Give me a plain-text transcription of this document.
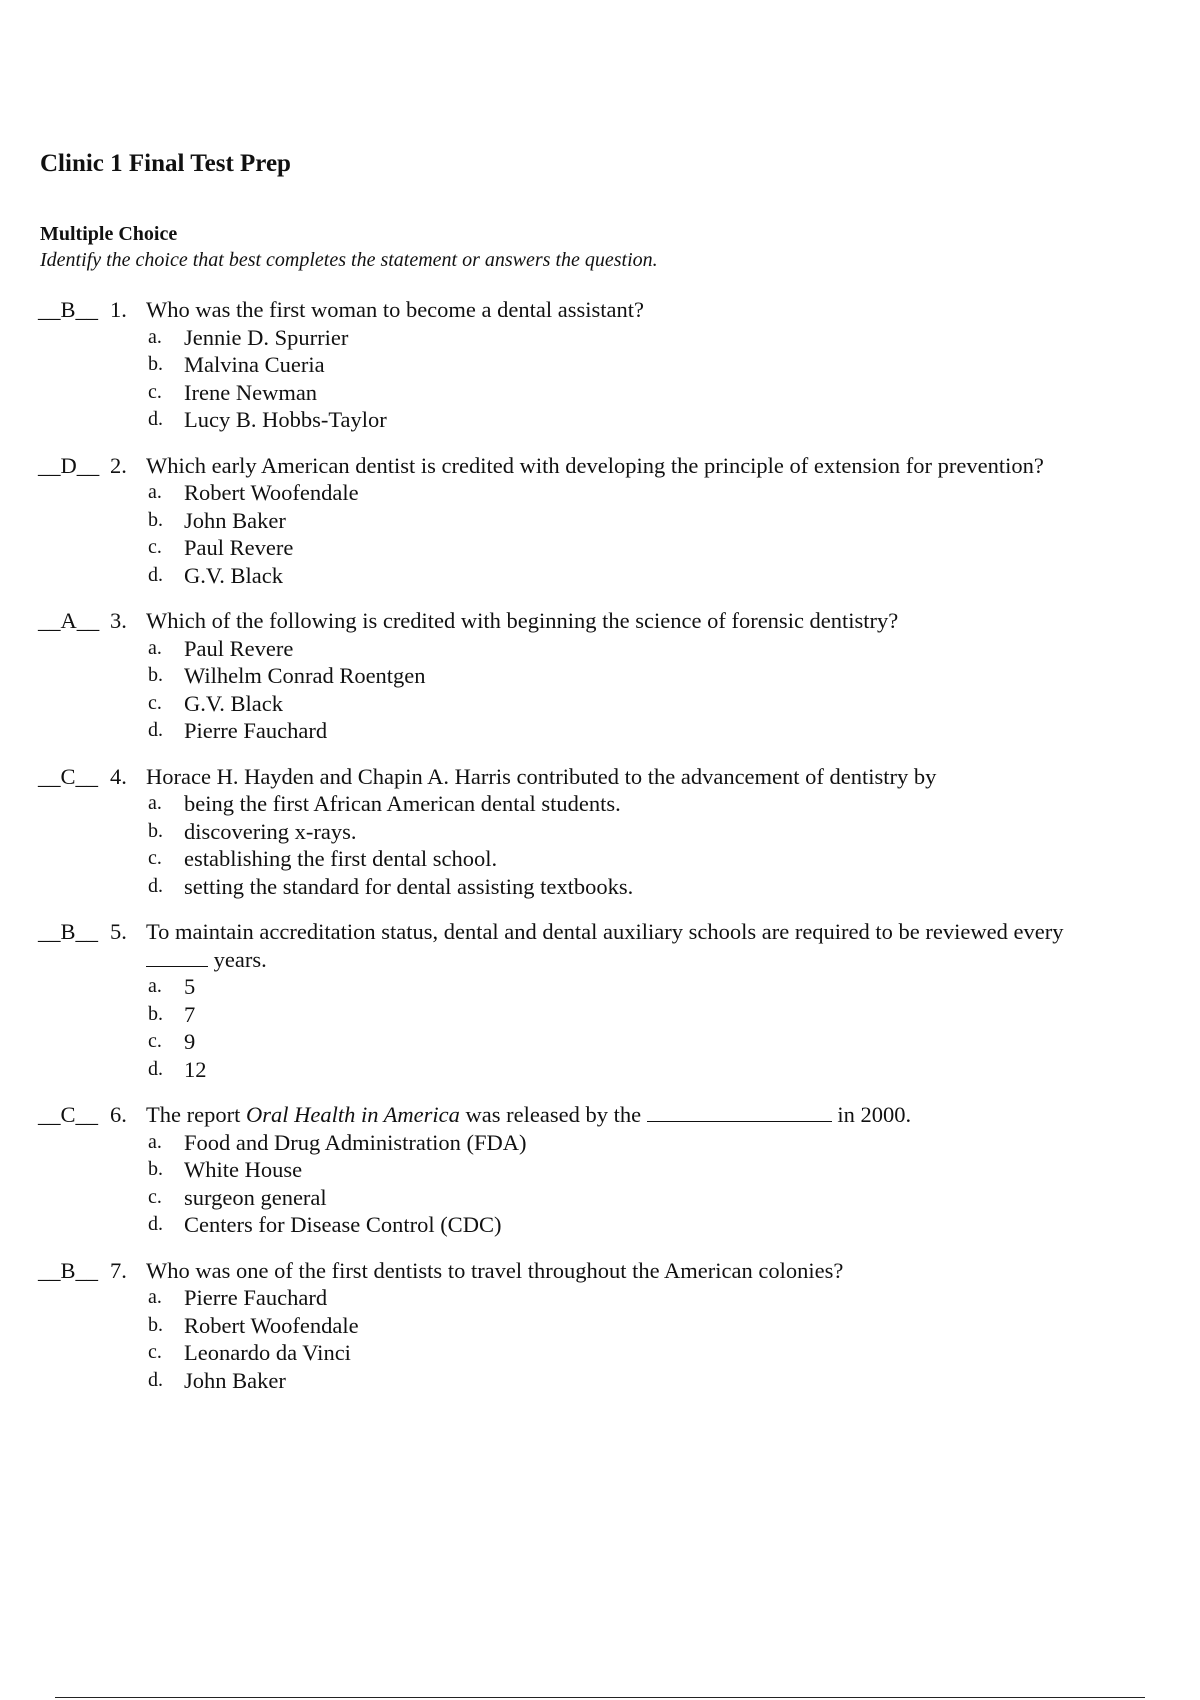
Clinic 1 Final Test Prep
Multiple Choice
Identify the choice that best completes the statement or answers the question.
__B__ 1. Who was the first woman to become a dental assistant?
a. Jennie D. Spurrier
b. Malvina Cueria
c. Irene Newman
d. Lucy B. Hobbs-Taylor
__D__ 2. Which early American dentist is credited with developing the principle of extension for prevention?
a. Robert Woofendale
b. John Baker
c. Paul Revere
d. G.V. Black
__A__ 3. Which of the following is credited with beginning the science of forensic dentistry?
a. Paul Revere
b. Wilhelm Conrad Roentgen
c. G.V. Black
d. Pierre Fauchard
__C__ 4. Horace H. Hayden and Chapin A. Harris contributed to the advancement of dentistry by
a. being the first African American dental students.
b. discovering x-rays.
c. establishing the first dental school.
d. setting the standard for dental assisting textbooks.
__B__ 5. To maintain accreditation status, dental and dental auxiliary schools are required to be reviewed every  years.
a. 5
b. 7
c. 9
d. 12
__C__ 6. The report Oral Health in America was released by the	in 2000.
a. Food and Drug Administration (FDA)
b. White House
c. surgeon general
d. Centers for Disease Control (CDC)
__B__ 7. Who was one of the first dentists to travel throughout the American colonies?
a. Pierre Fauchard
b. Robert Woofendale
c. Leonardo da Vinci
d. John Baker
